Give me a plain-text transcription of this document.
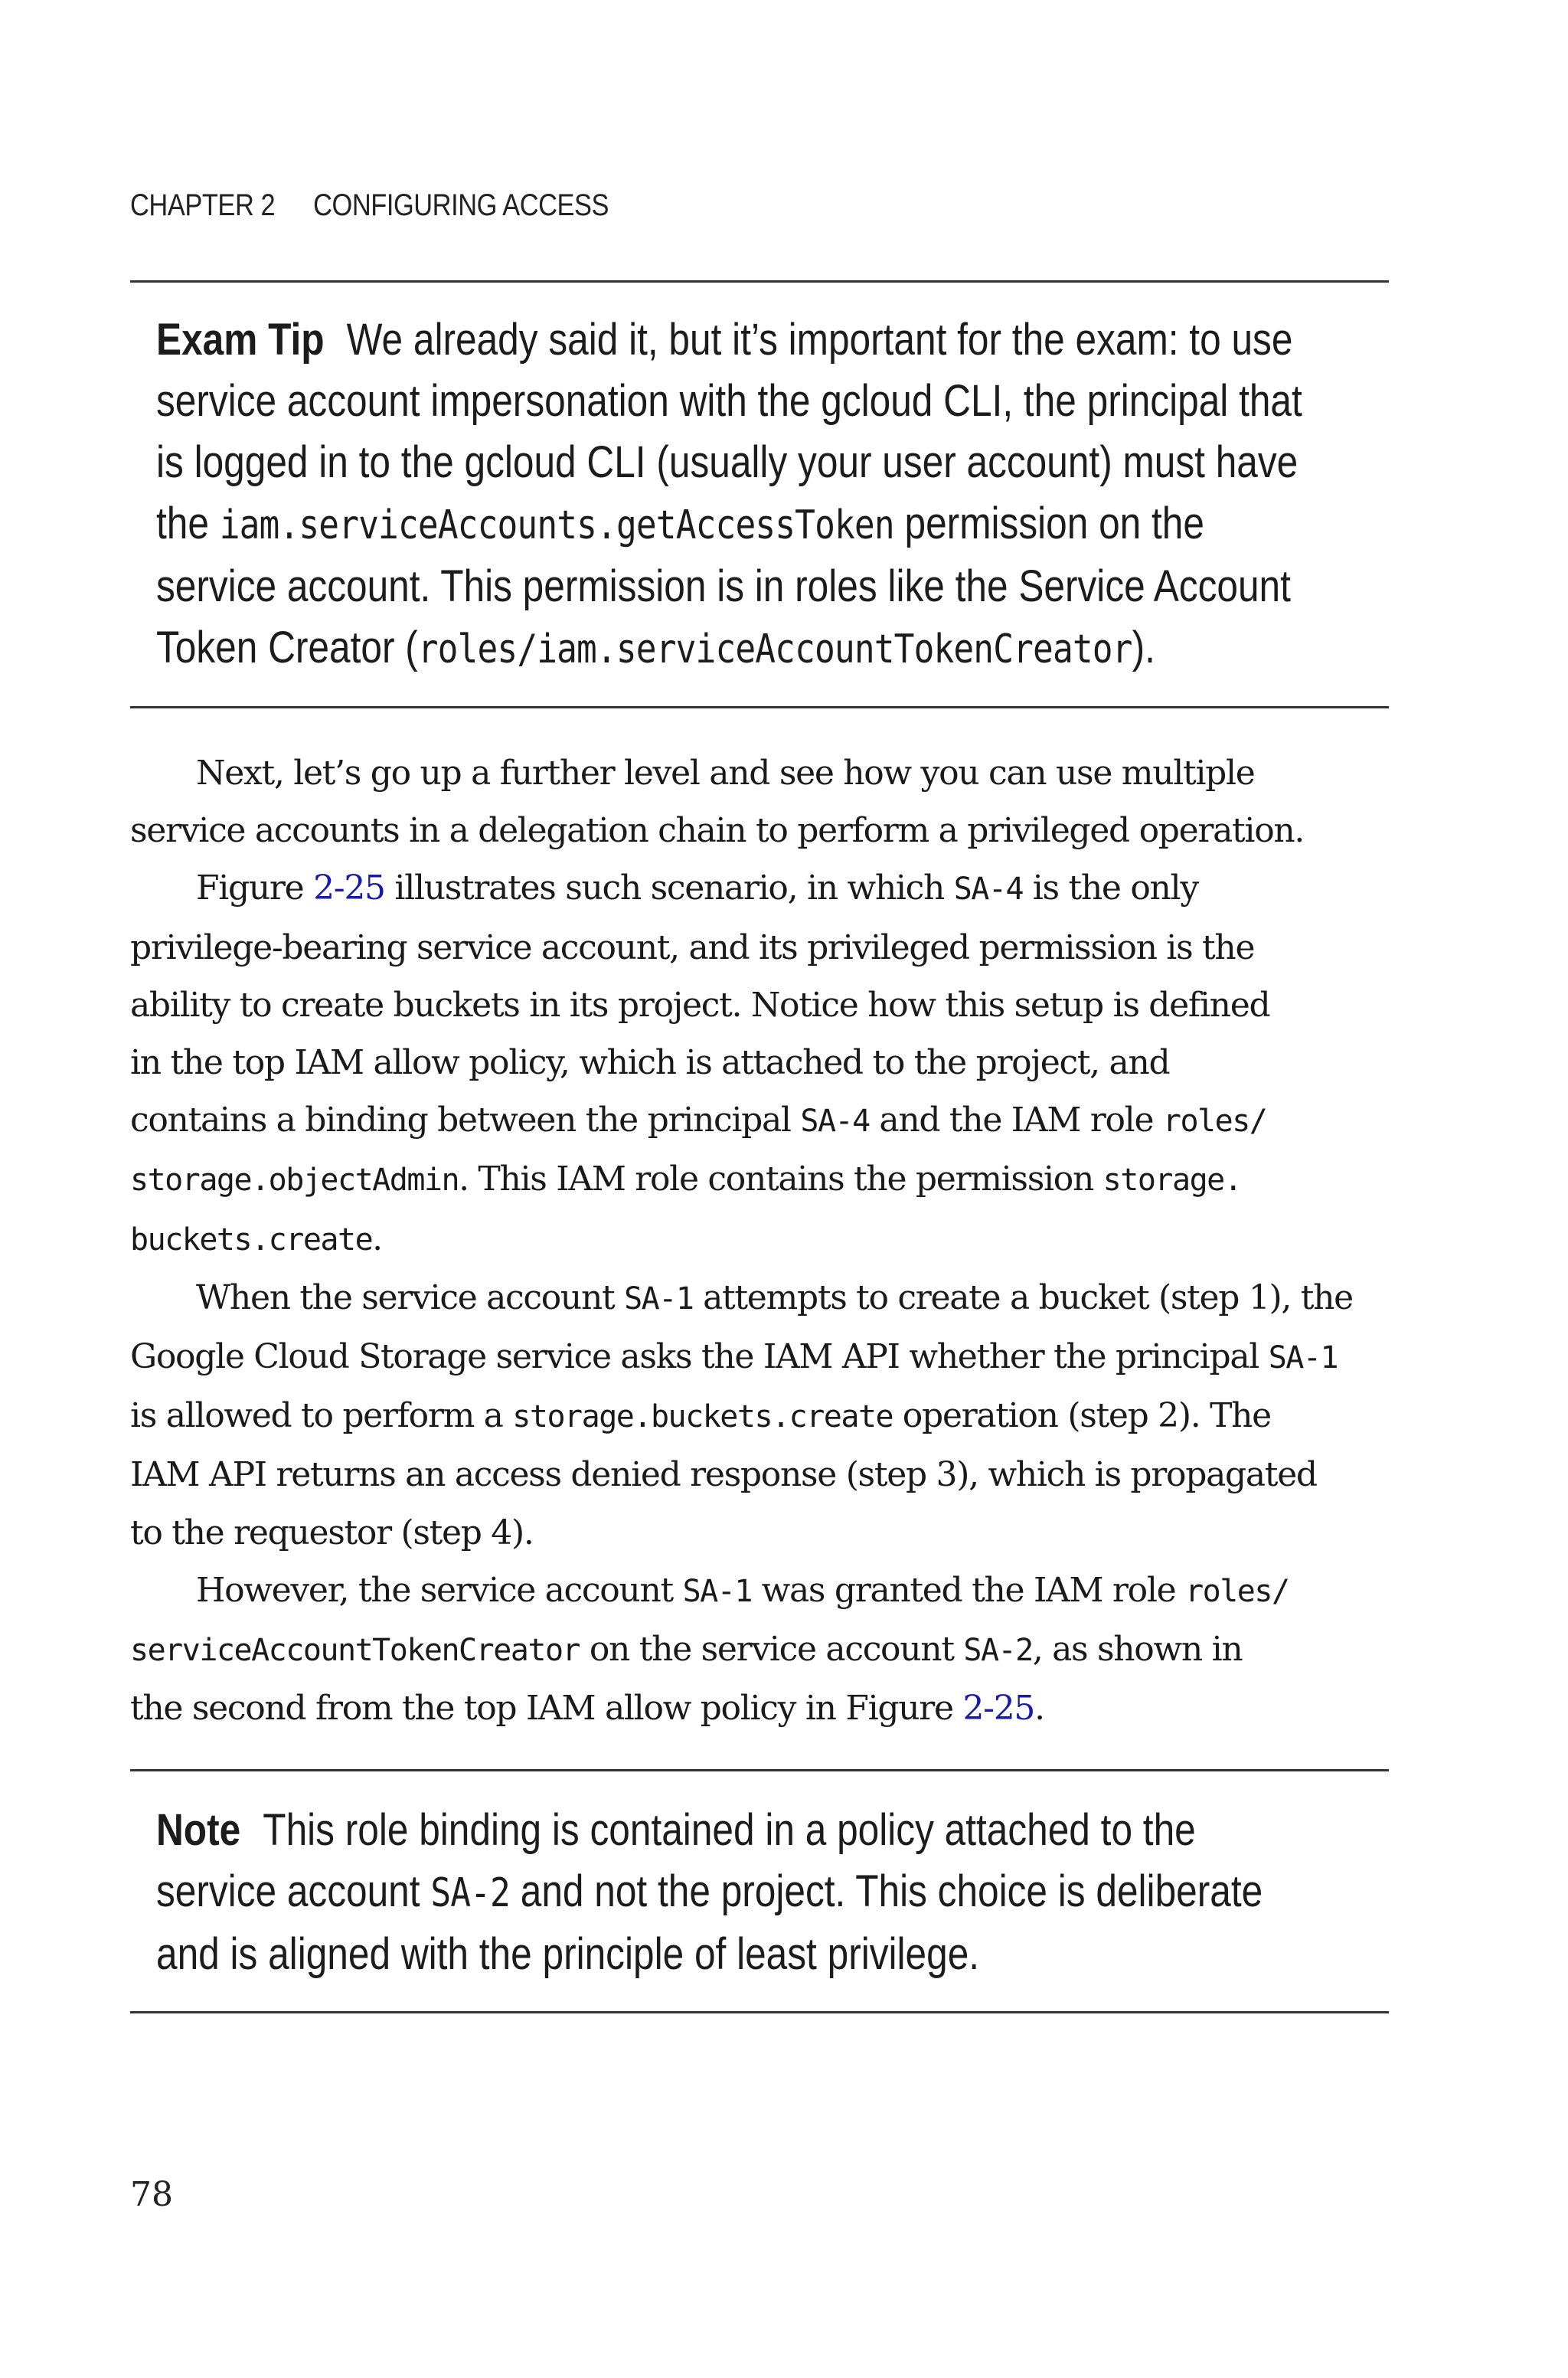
CHAPTER 2 CONFIGURING ACCESS
Exam Tip We already said it, but it’s important for the exam: to use
service account impersonation with the gcloud CLI, the principal that
is logged in to the gcloud CLI (usually your user account) must have
the iam.serviceAccounts.getAccessToken permission on the
service account. This permission is in roles like the Service Account
Token Creator (roles/iam.serviceAccountTokenCreator).
Next, let’s go up a further level and see how you can use multiple
service accounts in a delegation chain to perform a privileged operation.
Figure 2-25 illustrates such scenario, in which SA-4 is the only
privilege-bearing service account, and its privileged permission is the
ability to create buckets in its project. Notice how this setup is defined
in the top IAM allow policy, which is attached to the project, and
contains a binding between the principal SA-4 and the IAM role roles/
storage.objectAdmin. This IAM role contains the permission storage.
buckets.create.
When the service account SA-1 attempts to create a bucket (step 1), the
Google Cloud Storage service asks the IAM API whether the principal SA-1
is allowed to perform a storage.buckets.create operation (step 2). The
IAM API returns an access denied response (step 3), which is propagated
to the requestor (step 4).
However, the service account SA-1 was granted the IAM role roles/
serviceAccountTokenCreator on the service account SA-2, as shown in
the second from the top IAM allow policy in Figure 2-25.
Note This role binding is contained in a policy attached to the
service account SA-2 and not the project. This choice is deliberate
and is aligned with the principle of least privilege.
78
